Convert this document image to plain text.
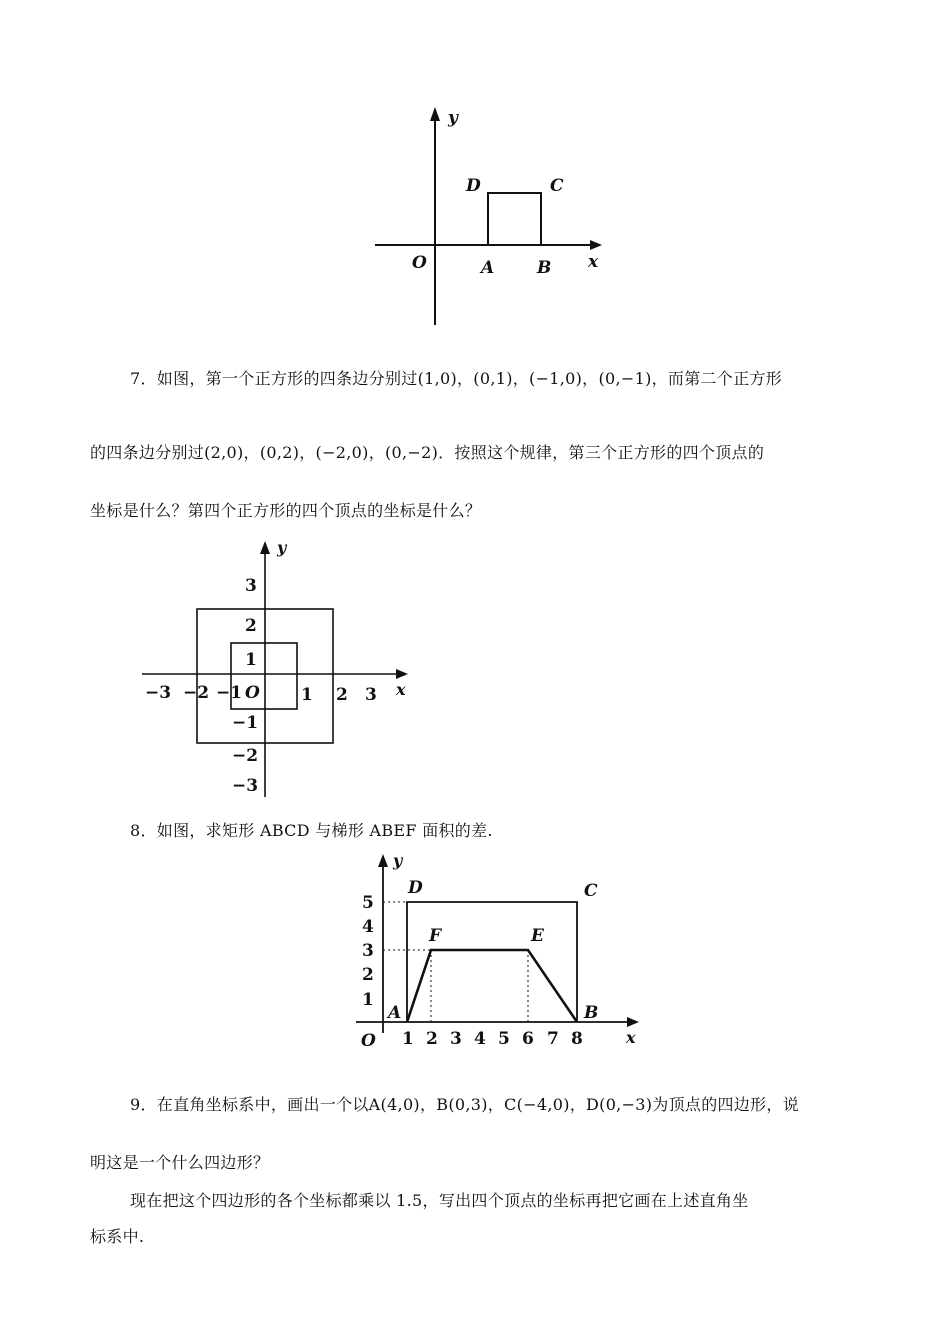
y
x
O	A	B
C
D
7．如图，第一个正方形的四条边分别过(1,0)，(0,1)，(−1,0)，(0,−1)，而第二个正方形
的四条边分别过(2,0)，(0,2)，(−2,0)，(0,−2)．按照这个规律，第三个正方形的四个顶点的
坐标是什么？第四个正方形的四个顶点的坐标是什么？
y
x
O
−3 −2 −1	1 2 3
3
2
1
−1
−2
−3
8．如图，求矩形 ABCD 与梯形 ABEF 面积的差.
y
x
O 1 2 3 4 5 6 7 8
1
2
3
4
5
A	B
C
D
E
F
9．在直角坐标系中，画出一个以A(4,0)，B(0,3)，C(−4,0)，D(0,−3)为顶点的四边形，说
明这是一个什么四边形？
现在把这个四边形的各个坐标都乘以 1.5，写出四个顶点的坐标再把它画在上述直角坐
标系中.
